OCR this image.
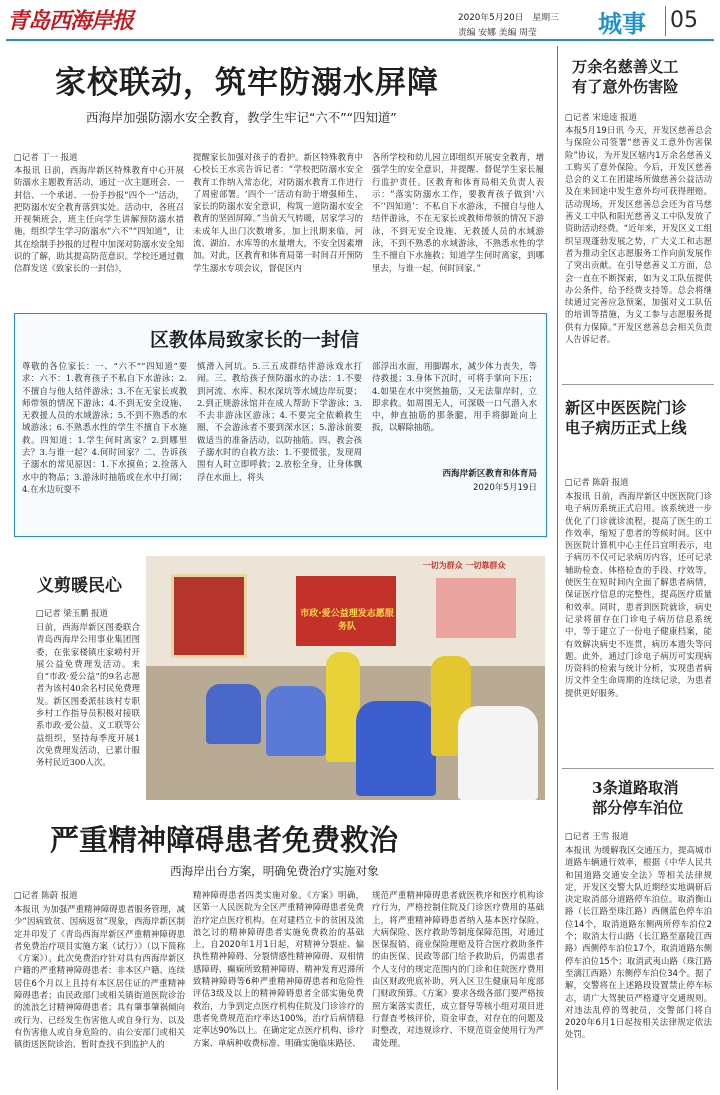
青岛西海岸报	2020年5月20日　 星期三
责编 安娜 美编 周莹	城事	05
家校联动，筑牢防溺水屏障
西海岸加强防溺水安全教育，教学生牢记“六不”“四知道”
□记者 丁一 报道
本报讯 日前，西海岸新区特殊教育中心开展防溺水主题教育活动，通过一次主题班会、一封信、一个承诺、一份手抄报“四个一”活动，把防溺水安全教育落到实处。活动中，各班召开视频班会，班主任向学生讲解预防溺水措施，组织学生学习防溺水“六不”“四知道”，让其在绘制手抄报的过程中加深对防溺水安全知识的了解，助其提高防范意识。学校还通过微信群发送《致家长的一封信》，
提醒家长加强对孩子的看护。新区特殊教育中心校长王水宾告诉记者：“学校把防溺水安全教育工作纳入常态化，对防溺水教育工作进行了周密部署。‘四个一’活动有助于增强师生、家长的防溺水安全意识，构筑一道防溺水安全教育的坚固屏障。”当前天气转暖，居家学习的未成年人出门次数增多，加上汛期来临，河流、湖泊、水库等的水量增大，不安全因素增加。对此，区教育和体育局第一时间召开预防学生溺水专项会议，督促区内
各所学校和幼儿园立即组织开展安全教育，增强学生的安全意识，并提醒、督促学生家长履行监护责任。区教育和体育局相关负责人表示：“落实防溺水工作，要教育孩子做到‘六不’‘四知道’：不私自下水游泳，不擅自与他人结伴游泳，不在无家长或教师带领的情况下游泳，不到无安全设施、无救援人员的水域游泳，不到不熟悉的水域游泳，不熟悉水性的学生不擅自下水施救；知道学生何时离家，到哪里去，与谁一起，何时回家。”
区教体局致家长的一封信
尊敬的各位家长：一、“六不”“四知道”要求：六不：1.教育孩子不私自下水游泳；2.不擅自与他人结伴游泳；3.不在无家长或教师带领的情况下游泳；4.不到无安全设施、无救援人员的水域游泳；5.不到不熟悉的水域游泳；6.不熟悉水性的学生不擅自下水施救。四知道：1.学生何时离家？2.到哪里去？3.与谁一起？4.何时回家？二、告诉孩子溺水的常见原因：1.下水摸鱼；2.捡落入水中的物品；3.游泳时抽筋或在水中打闹；4.在水边玩耍不
慎滑入河坑。5.三五成群结伴游泳戏水打闹。三、教给孩子预防溺水的办法：1.不要到河流、水库、积水深坑等水域边岸玩耍；2.到正规游泳馆并在成人帮助下学游泳；3.不去非游泳区游泳；4.不要完全依赖救生圈，不会游泳者不要到深水区；5.游泳前要做适当的准备活动，以防抽筋。四、教会孩子溺水时的自救方法：1.不要慌张，发现周围有人时立即呼救；2.放松全身，让身体飘浮在水面上，将头
部浮出水面，用脚踢水，减少体力丧失，等待救援；3.身体下沉时，可将手掌向下压；4.如果在水中突然抽筋，又无法靠岸时，立即求救。如周围无人，可深吸一口气潜入水中，伸直抽筋的那条腿，用手将脚趾向上扳，以解除抽筋。
西海岸新区教育和体育局
2020年5月19日
义剪暖民心
□记者 梁玉鹏 报道
日前，西海岸新区图委联合青岛西海岸公用事业集团图委，在张家楼镇庄家崂村开展公益免费理发活动。来自“市政·爱公益”的9名志愿者为该村40余名村民免费理发。新区图委派驻该村专职乡村工作指导员积极对接联系市政·爱公益、义工联等公益组织，坚持每季度开展1次免费理发活动，已累计服务村民近300人次。
市政·爱公益理发志愿服务队
一切为群众 一切靠群众
严重精神障碍患者免费救治
西海岸出台方案，明确免费治疗实施对象
□记者 陈蔚 报道
本报讯 为加强严重精神障碍患者服务管理，减少“因病致贫、因病返贫”现象，西海岸新区制定并印发了《青岛西海岸新区严重精神障碍患者免费治疗项目实施方案（试行）》（以下简称《方案》）。此次免费治疗针对具有西海岸新区户籍的严重精神障碍患者：非本区户籍、连续居住6个月以上且持有本区居住证的严重精神障碍患者；由民政部门或相关镇街道医院诊治的流浪乞讨精神障碍患者；具有肇事肇祸倾向或行为、已经发生伤害他人或自身行为、以及有伤害他人或自身危险的、由公安部门或相关镇街送医院诊治、暂时查找不到监护人的
精神障碍患者四类实施对象。《方案》明确，区第一人民医院为全区严重精神障碍患者免费治疗定点医疗机构。在对建档立卡的贫困及流浪乞讨的精神障碍患者实施免费救治的基础上，自2020年1月1日起，对精神分裂症、偏执性精神障碍、分裂情感性精神障碍、双相情感障碍、癫痫所致精神障碍、精神发育迟滞所致精神障碍等6种严重精神障碍患者和危险性评估3级及以上的精神障碍患者全部实施免费救治，力争到定点医疗机构住院及门诊诊疗的患者免费规范治疗率达100%，治疗后病情稳定率达90%以上。在确定定点医疗机构、诊疗方案、单病种收费标准、明确实施临床路径、
规范严重精神障碍患者就医秩序和医疗机构诊疗行为，严格控制住院及门诊医疗费用的基础上，将严重精神障碍患者纳入基本医疗保险、大病保险、医疗救助等制度保障范围，对通过医保报销、商业保险理赔及符合医疗救助条件的由医保、民政等部门给予救助后，仍需患者个人支付的规定范围内的门诊和住院医疗费用由区财政兜底补助，列入区卫生健康局年度部门财政预算。《方案》要求各级各部门要严格按照方案落实责任，成立督导等核小组对项目进行督查考核评价，资金审查，对存在的问题及时整改，对违规诊疗、不规范资金使用行为严肃处理。
万余名慈善义工
有了意外伤害险
□记者 宋逵逵 报道
本报5月19日讯 今天，开发区慈善总会与保险公司签署“慈善义工意外伤害保险”协议，为开发区辖内1万余名慈善义工购买了意外保险。今后，开发区慈善总会的义工在团建场所做慈善公益活动及在来回途中发生意外均可获得理赔。活动现场，开发区慈善总会还为首马慈善义工中队和阳光慈善义工中队发放了资助活动经费。“近年来，开发区义工组织呈现蓬勃发展之势，广大义工和志愿者为推动全区志愿服务工作向前发展作了突出贡献。在引导慈善义工方面，总会一直在不断探索，如为义工队伍提供办公条件，给予经费支持等。总会将继续通过完善应急预案，加强对义工队伍的培训等措施，为义工参与志愿服务提供有力保障。”开发区慈善总会相关负责人告诉记者。
新区中医医院门诊
电子病历正式上线
□记者 陈蔚 报道
本报讯 日前，西海岸新区中医医院门诊电子病历系统正式启用。该系统进一步优化了门诊就诊流程，提高了医生的工作效率，缩短了患者的等候时间。区中医医院计算机中心主任吕宜明表示，电子病历不仅可记录病历内容，还可记录辅助检查、体格检查的手段、疗效等，使医生在短时间内全面了解患者病情，保证医疗信息的完整性，提高医疗质量和效率。同时，患者到医院就诊，病史记录将留存在门诊电子病历信息系统中，等于建立了一份电子健康档案，能有效解决病史不连贯，病历本遗失等问题。此外，通过门诊电子病历可实现病历资料的检索与统计分析，实现患者病历文件全生命周期的连续记录，为患者提供更好服务。
3条道路取消
部分停车泊位
□记者 王雪 报道
本报讯 为缓解我区交通压力，提高城市道路车辆通行效率，根据《中华人民共和国道路交通安全法》等相关法律规定，开发区交警大队近期经实地调研后决定取消部分道路停车泊位。取消衡山路（长江路至珠江路）西侧蓝色停车泊位14个，取消道路东侧两所停车泊位2个；取消太行山路（长江路至嘉陵江西路）西侧停车泊位17个，取消道路东侧停车泊位15个；取消武夷山路（珠江路至漓江西路）东侧停车泊位34个。据了解，交警将在上述路段设置禁止停车标志，请广大驾驶员严格遵守交通规则。对违法乱停的驾驶员，交警部门将自2020年6月1日起按相关法律规定依法处罚。
